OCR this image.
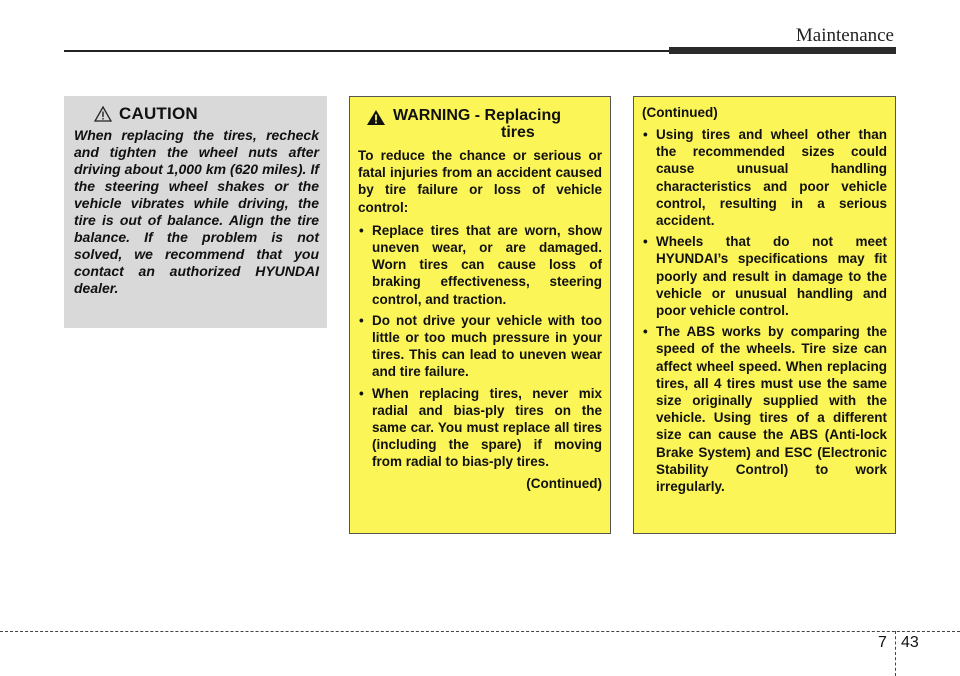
Maintenance
CAUTION

When replacing the tires, recheck and tighten the wheel nuts after driving about 1,000 km (620 miles). If the steering wheel shakes or the vehicle vibrates while driving, the tire is out of balance. Align the tire balance. If the problem is not solved, we recommend that you contact an authorized HYUNDAI dealer.

WARNING - Replacing
tires

To reduce the chance or serious or fatal injuries from an accident caused by tire failure or loss of vehicle control:

• Replace tires that are worn, show uneven wear, or are damaged. Worn tires can cause loss of braking effectiveness, steering control, and traction.
• Do not drive your vehicle with too little or too much pressure in your tires. This can lead to uneven wear and tire failure.
• When replacing tires, never mix radial and bias-ply tires on the same car. You must replace all tires (including the spare) if moving from radial to bias-ply tires.
(Continued)

(Continued)

• Using tires and wheel other than the recommended sizes could cause unusual handling characteristics and poor vehicle control, resulting in a serious accident.
• Wheels that do not meet HYUNDAI’s specifications may fit poorly and result in damage to the vehicle or unusual handling and poor vehicle control.
• The ABS works by comparing the speed of the wheels. Tire size can affect wheel speed. When replacing tires, all 4 tires must use the same size originally supplied with the vehicle. Using tires of a different size can cause the ABS (Anti-lock Brake System) and ESC (Electronic Stability Control) to work irregularly.
7 43
